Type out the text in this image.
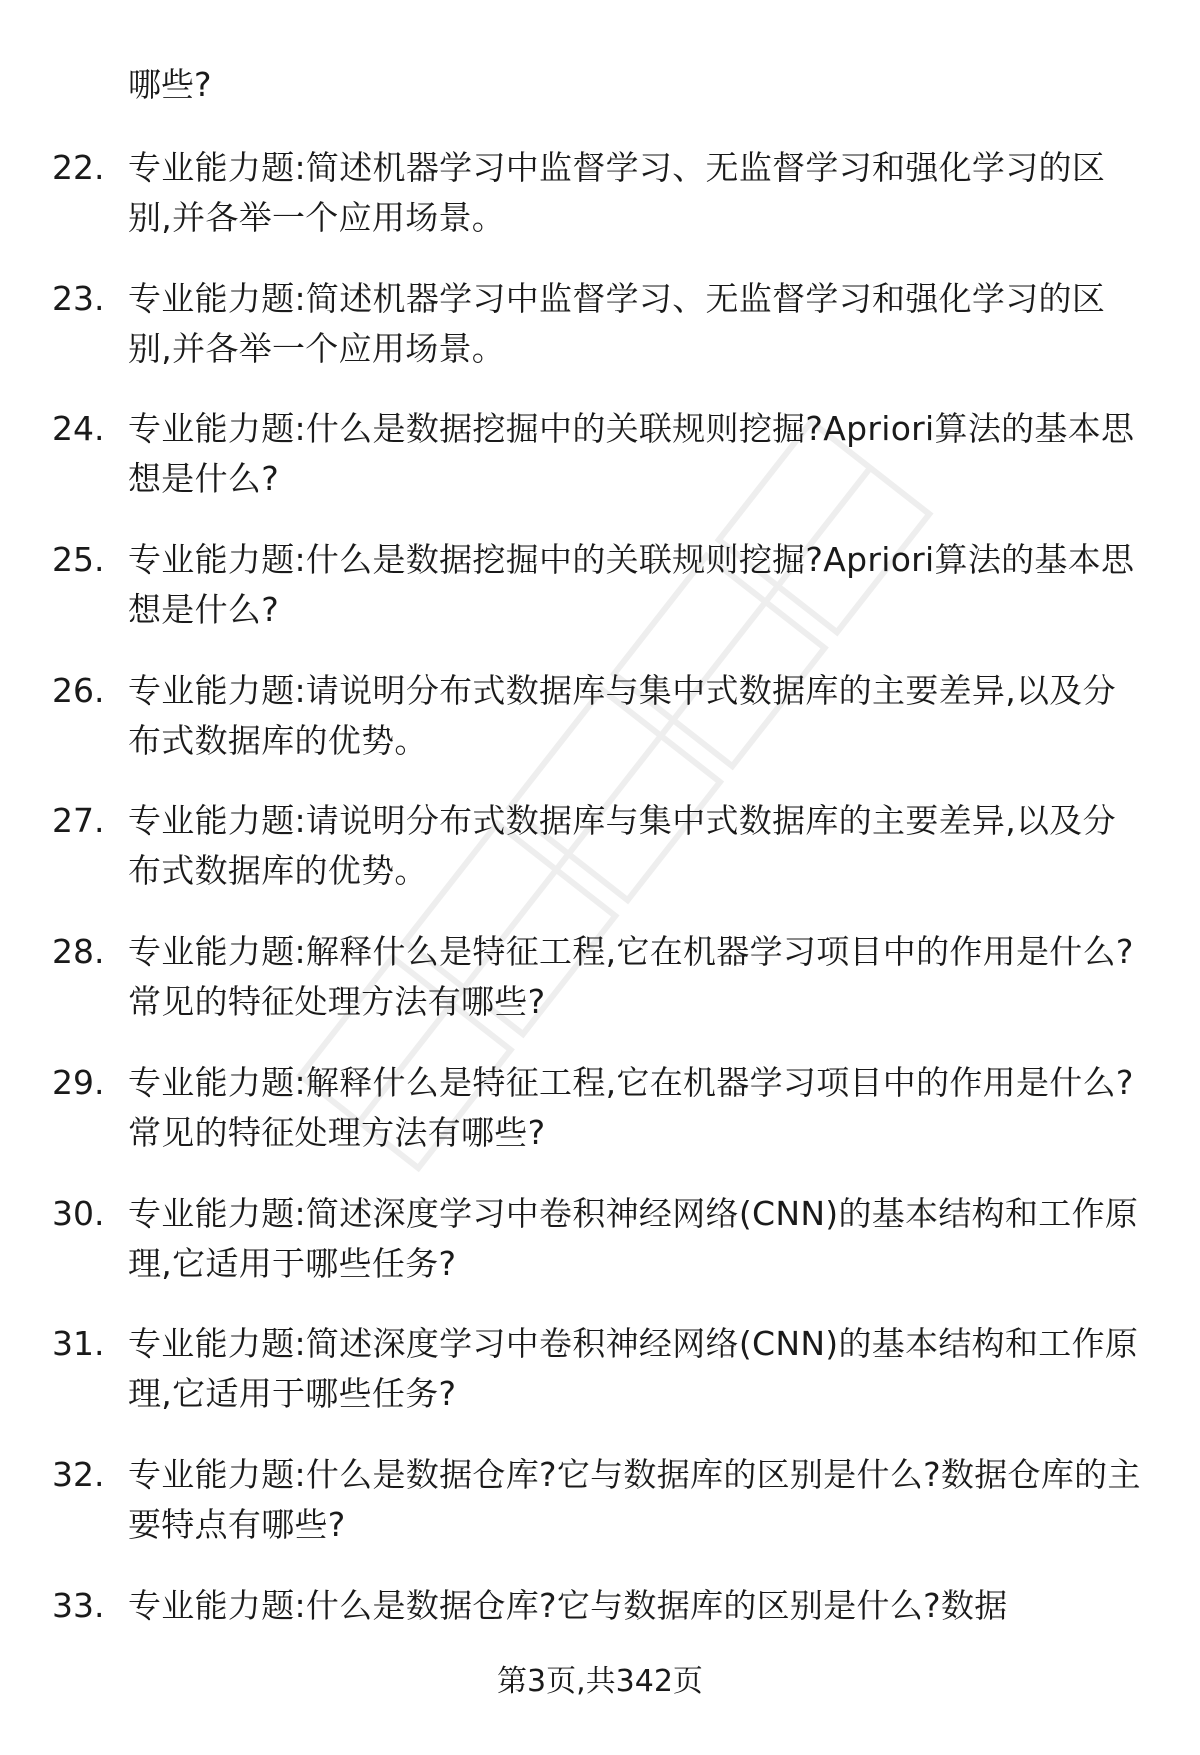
哪些?
22. 专业能力题:简述机器学习中监督学习、无监督学习和强化学习的区别,并各举一个应用场景。
23. 专业能力题:简述机器学习中监督学习、无监督学习和强化学习的区别,并各举一个应用场景。
24. 专业能力题:什么是数据挖掘中的关联规则挖掘?Apriori算法的基本思想是什么?
25. 专业能力题:什么是数据挖掘中的关联规则挖掘?Apriori算法的基本思想是什么?
26. 专业能力题:请说明分布式数据库与集中式数据库的主要差异,以及分布式数据库的优势。
27. 专业能力题:请说明分布式数据库与集中式数据库的主要差异,以及分布式数据库的优势。
28. 专业能力题:解释什么是特征工程,它在机器学习项目中的作用是什么?常见的特征处理方法有哪些?
29. 专业能力题:解释什么是特征工程,它在机器学习项目中的作用是什么?常见的特征处理方法有哪些?
30. 专业能力题:简述深度学习中卷积神经网络(CNN)的基本结构和工作原理,它适用于哪些任务?
31. 专业能力题:简述深度学习中卷积神经网络(CNN)的基本结构和工作原理,它适用于哪些任务?
32. 专业能力题:什么是数据仓库?它与数据库的区别是什么?数据仓库的主要特点有哪些?
33. 专业能力题:什么是数据仓库?它与数据库的区别是什么?数据
第3页,共342页
